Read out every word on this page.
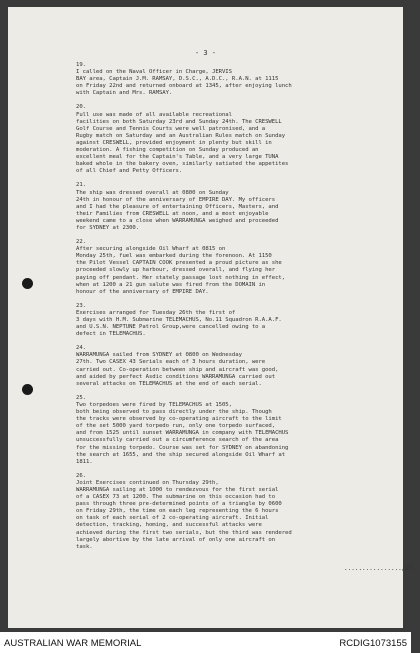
- 3 -
19.
I called on the Naval Officer in Charge, JERVIS
BAY area, Captain J.M. RAMSAY, D.S.C., A.D.C., R.A.N. at 1115
on Friday 22nd and returned onboard at 1345, after enjoying lunch
with Captain and Mrs. RAMSAY.
20.
Full use was made of all available recreational
facilities on both Saturday 23rd and Sunday 24th. The CRESWELL
Golf Course and Tennis Courts were well patronised, and a
Rugby match on Saturday and an Australian Rules match on Sunday
against CRESWELL, provided enjoyment in plenty but skill in
moderation. A fishing competition on Sunday produced an
excellent meal for the Captain's Table, and a very large TUNA
baked whole in the bakery oven, similarly satiated the appetites
of all Chief and Petty Officers.
21.
The ship was dressed overall at 0800 on Sunday
24th in honour of the anniversary of EMPIRE DAY. My officers
and I had the pleasure of entertaining Officers, Masters, and
their Families from CRESWELL at noon, and a most enjoyable
weekend came to a close when WARRAMUNGA weighed and proceeded
for SYDNEY at 2300.
22.
After securing alongside Oil Wharf at 0815 on
Monday 25th, fuel was embarked during the forenoon. At 1150
the Pilot Vessel CAPTAIN COOK presented a proud picture as she
proceeded slowly up harbour, dressed overall, and flying her
paying off pendant. Her stately passage lost nothing in effect,
when at 1200 a 21 gun salute was fired from the DOMAIN in
honour of the anniversary of EMPIRE DAY.
23.
Exercises arranged for Tuesday 26th the first of
3 days with H.M. Submarine TELEMACHUS, No.11 Squadron R.A.A.F.
and U.S.N. NEPTUNE Patrol Group,were cancelled owing to a
defect in TELEMACHUS.
24.
WARRAMUNGA sailed from SYDNEY at 0800 on Wednesday
27th. Two CASEX 43 Serials each of 3 hours duration, were
carried out. Co-operation between ship and aircraft was good,
and aided by perfect Asdic conditions WARRAMUNGA carried out
several attacks on TELEMACHUS at the end of each serial.
25.
Two torpedoes were fired by TELEMACHUS at 1505,
both being observed to pass directly under the ship. Though
the tracks were observed by co-operating aircraft to the limit
of the set 5000 yard torpedo run, only one torpedo surfaced,
and from 1525 until sunset WARRAMUNGA in company with TELEMACHUS
unsuccessfully carried out a circumference search of the area
for the missing torpedo. Course was set for SYDNEY on abandoning
the search at 1655, and the ship secured alongside Oil Wharf at
1811.
26.
Joint Exercises continued on Thursday 29th,
WARRAMUNGA sailing at 1000 to rendezvous for the first serial
of a CASEX 73 at 1200. The submarine on this occasion had to
pass through three pre-determined points of a triangle by 0600
on Friday 29th, the time on each leg representing the 6 hours
on task of each serial of 2 co-operating aircraft. Initial
detection, tracking, homing, and successful attacks were
achieved during the first two serials, but the third was rendered
largely abortive by the late arrival of only one aircraft on
task.
................/27..
AUSTRALIAN WAR MEMORIAL	RCDIG1073155
